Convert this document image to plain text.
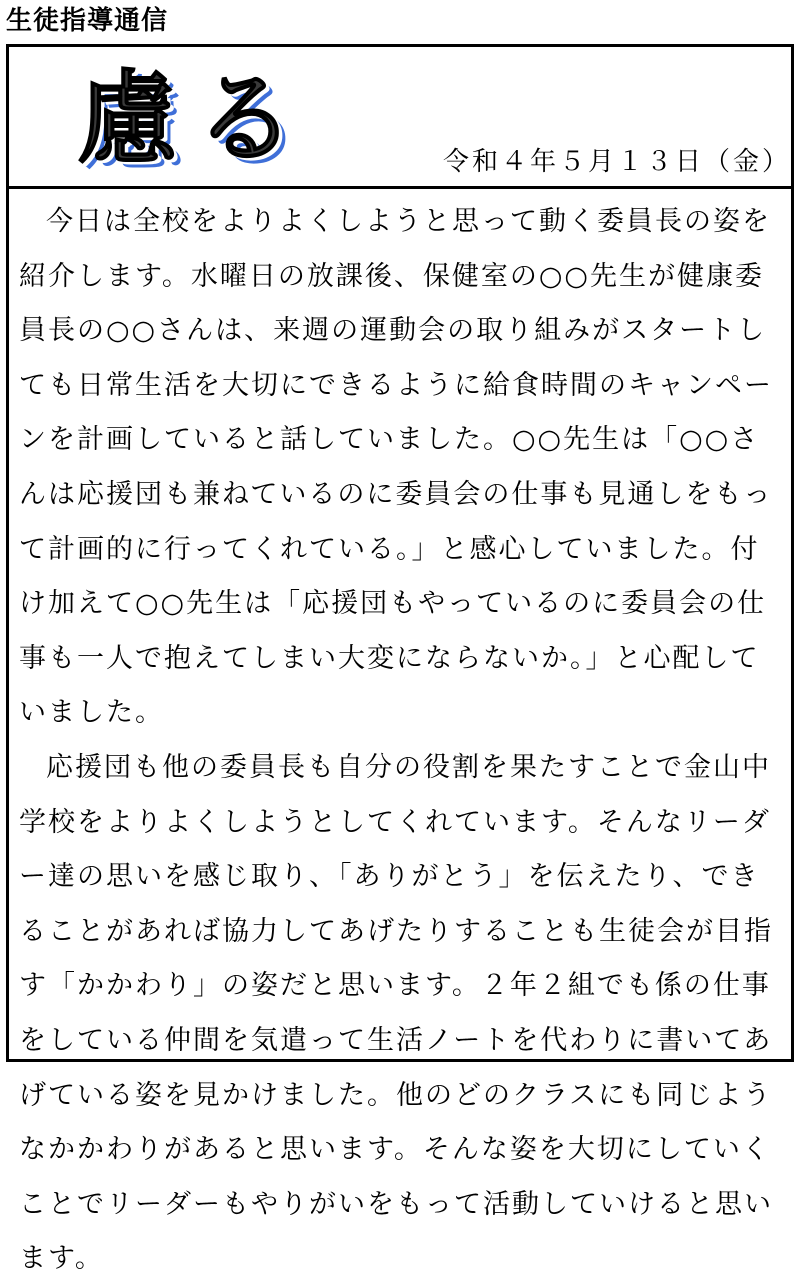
生徒指導通信
慮る	令和４年５月１３日（金）

今日は全校をよりよくしようと思って動く委員長の姿を紹介します。水曜日の放課後、保健室の○○先生が健康委員長の○○さんは、来週の運動会の取り組みがスタートしても日常生活を大切にできるように給食時間のキャンペーンを計画していると話していました。○○先生は「○○さんは応援団も兼ねているのに委員会の仕事も見通しをもって計画的に行ってくれている。」と感心していました。付け加えて○○先生は「応援団もやっているのに委員会の仕事も一人で抱えてしまい大変にならないか。」と心配していました。

応援団も他の委員長も自分の役割を果たすことで金山中学校をよりよくしようとしてくれています。そんなリーダー達の思いを感じ取り、「ありがとう」を伝えたり、できることがあれば協力してあげたりすることも生徒会が目指す「かかわり」の姿だと思います。２年２組でも係の仕事をしている仲間を気遣って生活ノートを代わりに書いてあげている姿を見かけました。他のどのクラスにも同じようなかかわりがあると思います。そんな姿を大切にしていくことでリーダーもやりがいをもって活動していけると思います。
